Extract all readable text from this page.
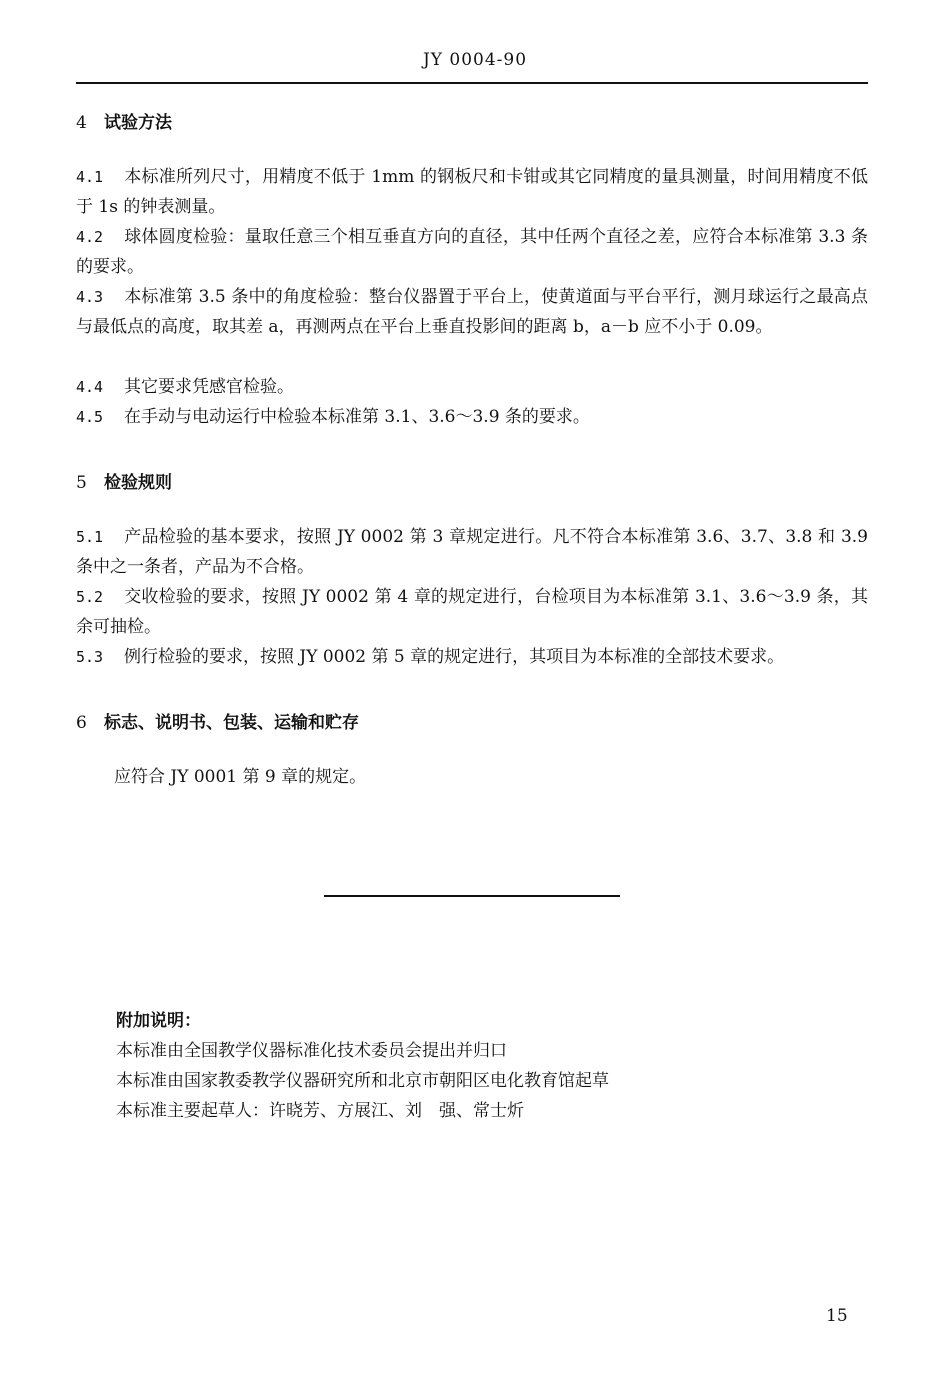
JY 0004-90
4 试验方法
4.1 本标准所列尺寸，用精度不低于 1mm 的钢板尺和卡钳或其它同精度的量具测量，时间用精度不低于 1s 的钟表测量。
4.2 球体圆度检验：量取任意三个相互垂直方向的直径，其中任两个直径之差，应符合本标准第 3.3 条的要求。
4.3 本标准第 3.5 条中的角度检验：整台仪器置于平台上，使黄道面与平台平行，测月球运行之最高点与最低点的高度，取其差 a，再测两点在平台上垂直投影间的距离 b，a－b 应不小于 0.09。
4.4 其它要求凭感官检验。
4.5 在手动与电动运行中检验本标准第 3.1、3.6～3.9 条的要求。
5 检验规则
5.1 产品检验的基本要求，按照 JY 0002 第 3 章规定进行。凡不符合本标准第 3.6、3.7、3.8 和 3.9 条中之一条者，产品为不合格。
5.2 交收检验的要求，按照 JY 0002 第 4 章的规定进行，台检项目为本标准第 3.1、3.6～3.9 条，其余可抽检。
5.3 例行检验的要求，按照 JY 0002 第 5 章的规定进行，其项目为本标准的全部技术要求。
6 标志、说明书、包装、运输和贮存
应符合 JY 0001 第 9 章的规定。
附加说明：
本标准由全国教学仪器标准化技术委员会提出并归口
本标准由国家教委教学仪器研究所和北京市朝阳区电化教育馆起草
本标准主要起草人：许晓芳、方展江、刘　强、常士炘
15
